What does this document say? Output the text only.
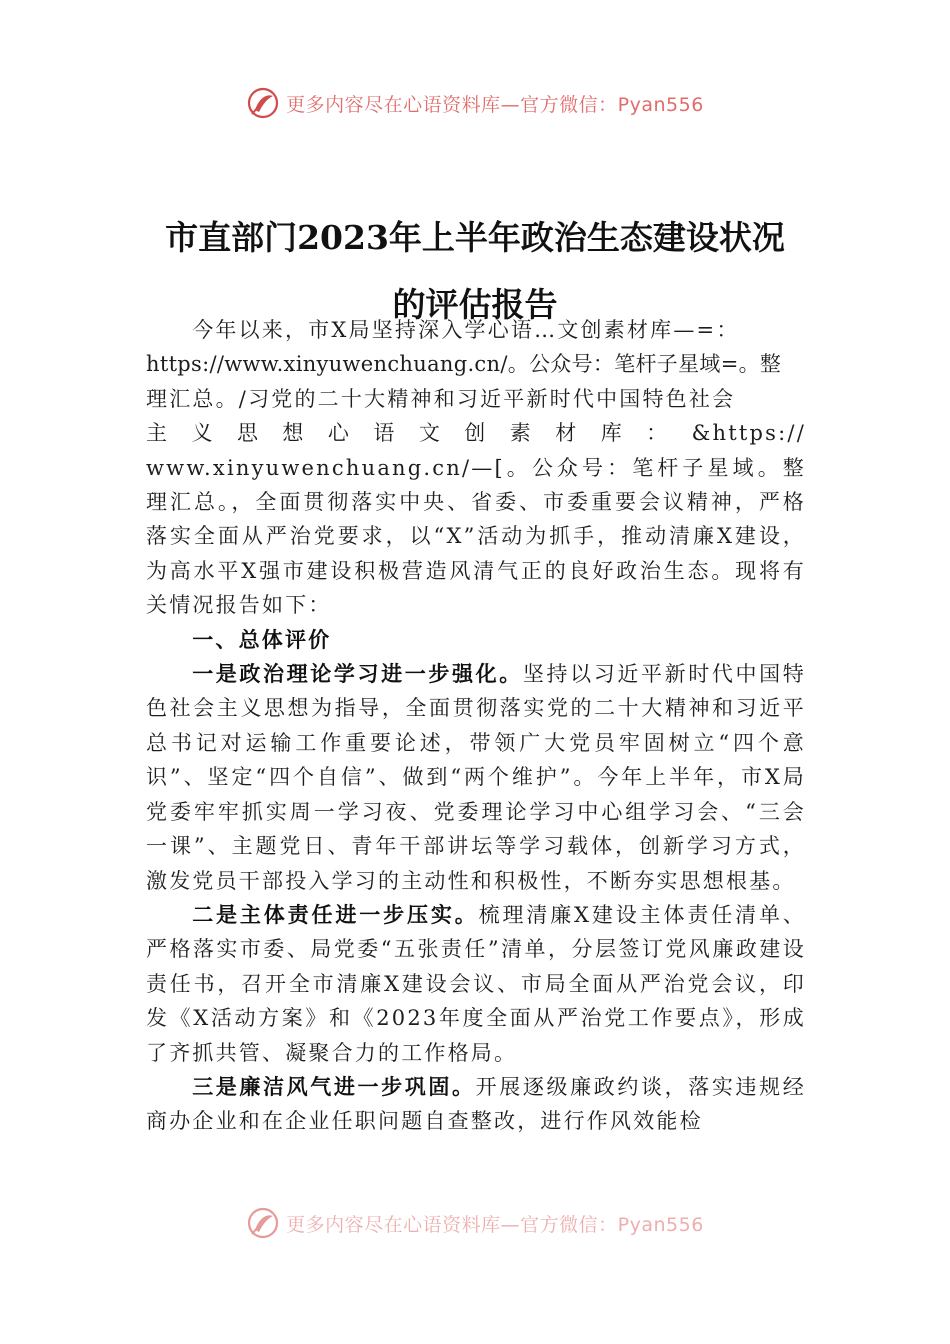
更多内容尽在心语资料库—官方微信：Pyan556
市直部门2023年上半年政治生态建设状况
的评估报告
今年以来，市X局坚持深入学心语…文创素材库—=：
https://www.xinyuwenchuang.cn/。公众号：笔杆子星域=。整
理汇总。/习党的二十大精神和习近平新时代中国特色社会
主 义 思 想 心 语 文 创 素 材 库 ： &https://
www.xinyuwenchuang.cn/—[。公众号：笔杆子星域。整理汇总。，全面贯彻落实中央、省委、市委重要会议精神，严格落实全面从严治党要求，以“X”活动为抓手，推动清廉X建设，为高水平X强市建设积极营造风清气正的良好政治生态。现将有关情况报告如下：

一、总体评价

一是政治理论学习进一步强化。坚持以习近平新时代中国特色社会主义思想为指导，全面贯彻落实党的二十大精神和习近平总书记对运输工作重要论述，带领广大党员牢固树立“四个意识”、坚定“四个自信”、做到“两个维护”。今年上半年，市X局党委牢牢抓实周一学习夜、党委理论学习中心组学习会、“三会一课”、主题党日、青年干部讲坛等学习载体，创新学习方式，激发党员干部投入学习的主动性和积极性，不断夯实思想根基。

二是主体责任进一步压实。梳理清廉X建设主体责任清单、严格落实市委、局党委“五张责任”清单，分层签订党风廉政建设责任书，召开全市清廉X建设会议、市局全面从严治党会议，印发《X活动方案》和《2023年度全面从严治党工作要点》，形成了齐抓共管、凝聚合力的工作格局。

三是廉洁风气进一步巩固。开展逐级廉政约谈，落实违规经商办企业和在企业任职问题自查整改，进行作风效能检

更多内容尽在心语资料库—官方微信：Pyan556
